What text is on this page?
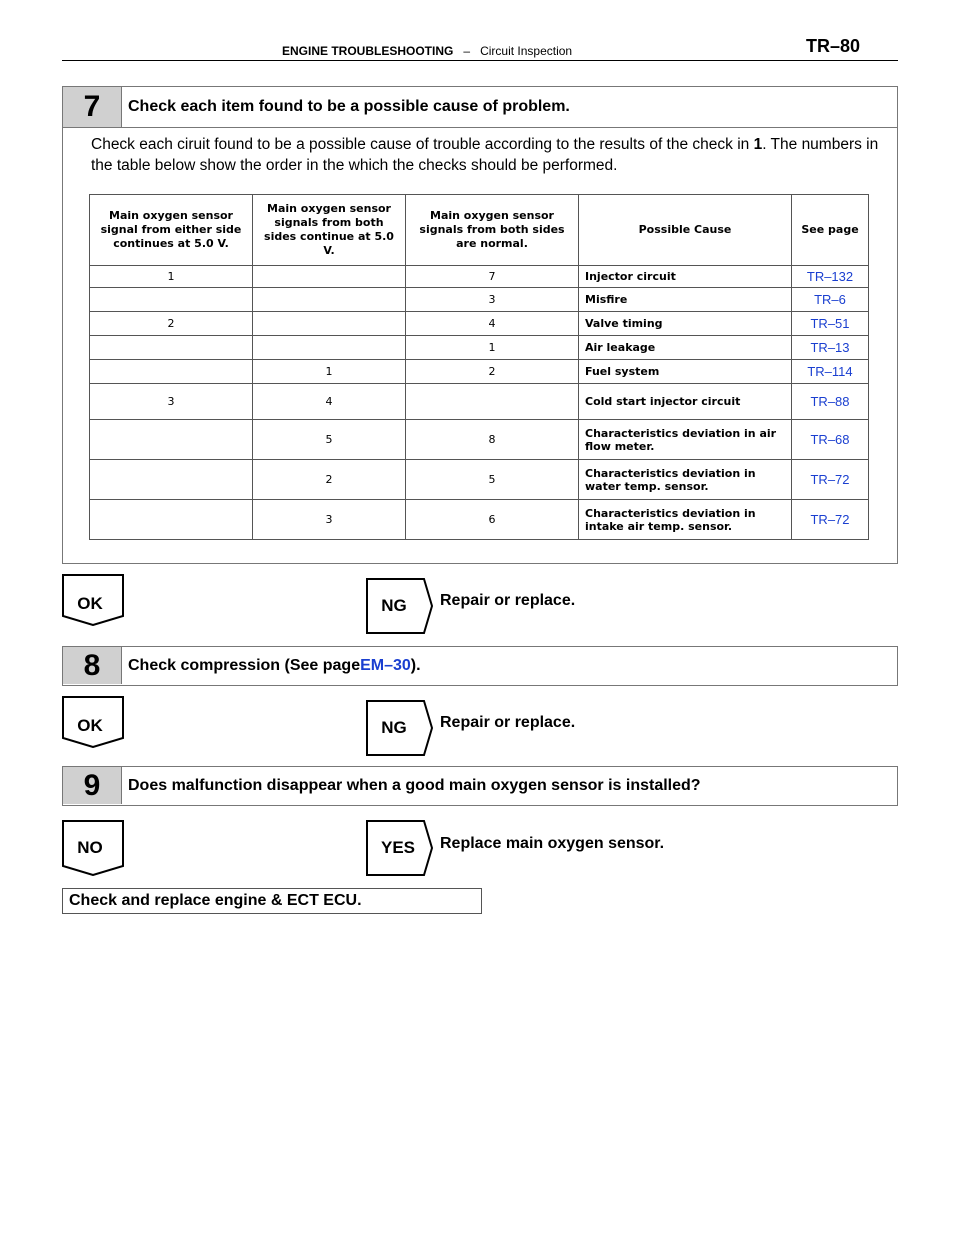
ENGINE TROUBLESHOOTING – Circuit Inspection	TR–80
7	Check each item found to be a possible cause of problem.
Check each ciruit found to be a possible cause of trouble according to the results of the check in 1. The numbers in the table below show the order in the which the checks should be performed.
Main oxygen sensor signal from either side continues at 5.0 V.	Main oxygen sensor signals from both sides continue at 5.0 V.	Main oxygen sensor signals from both sides are normal.	Possible Cause	See page
1		7	Injector circuit	TR–132
		3	Misfire	TR–6
2		4	Valve timing	TR–51
		1	Air leakage	TR–13
	1	2	Fuel system	TR–114
3	4		Cold start injector circuit	TR–88
	5	8	Characteristics deviation in air flow meter.	TR–68
	2	5	Characteristics deviation in water temp. sensor.	TR–72
	3	6	Characteristics deviation in intake air temp. sensor.	TR–72
OK	NG	Repair or replace.
8	Check compression (See page EM–30 ).
OK	NG	Repair or replace.
9	Does malfunction disappear when a good main oxygen sensor is installed?
NO	YES	Replace main oxygen sensor.
Check and replace engine & ECT ECU.
